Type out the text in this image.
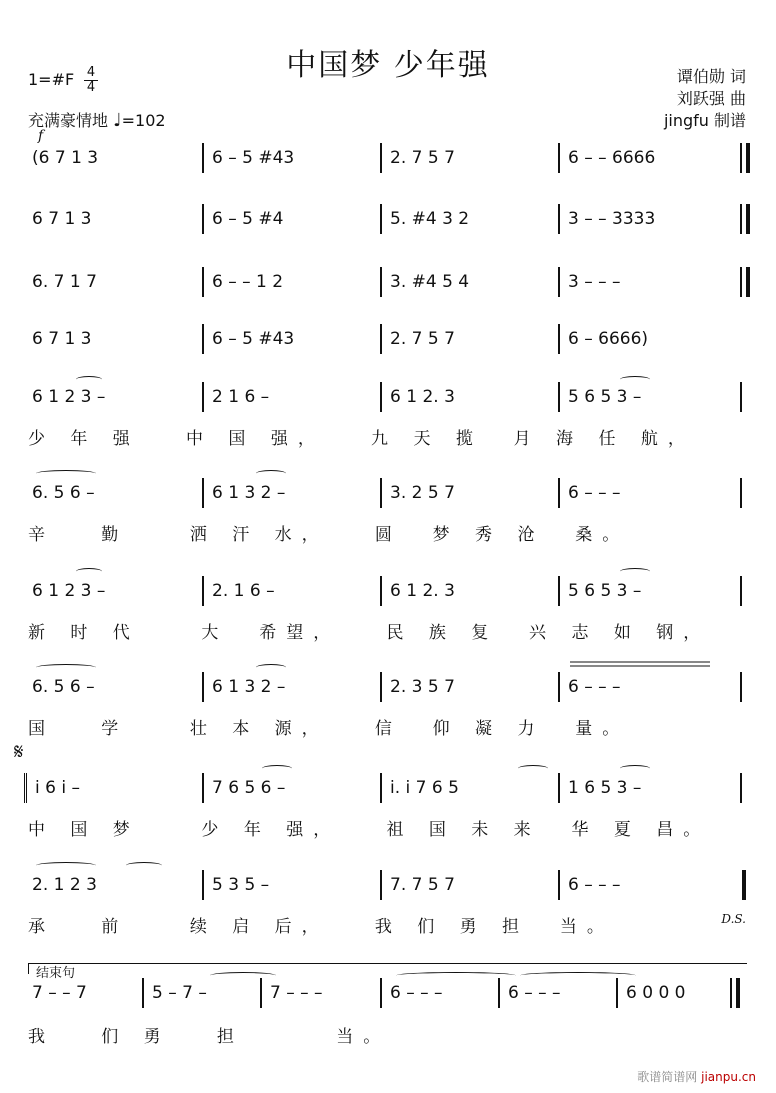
中国梦 少年强	谭伯勋 词
刘跃强 曲
jingfu 制谱
1=#F 4
4
充满豪情地 ♩=102
f
(6 7 1 3	6 – 5 #43	2. 7 5 7	6 – – 6666
6 7 1 3	6 – 5 #4	5. #4 3 2	3 – – 3333
6. 7 1 7	6 – – 1 2	3. #4 5 4	3 – – –
6 7 1 3	6 – 5 #43	2. 7 5 7	6 – 6666)
6 1 2 3 –	2 1 6 –	6 1 2. 3	5 6 5 3 –
少 年 强   中 国 强，   九 天 揽  月 海 任 航，
6. 5 6 –	6 1 3 2 –	3. 2 5 7	6 – – –
辛   勤    洒 汗 水，   圆  梦 秀 沧  桑。
6 1 2 3 –	2. 1 6 –	6 1 2. 3	5 6 5 3 –
新 时 代    大  希望，   民 族 复  兴 志 如 钢，
6. 5 6 –	6 1 3 2 –	2. 3 5 7	6 – – –
国   学    壮 本 源，   信  仰 凝 力  量。
𝄋
i 6 i –	7 6 5 6 –	i. i 7 6 5	1 6 5 3 –
中 国 梦    少 年 强，   祖 国 未 来  华 夏 昌。
2. 1 2 3	5 3 5 –	7. 7 5 7	6 – – –
承   前    续 启 后，   我 们 勇 担  当。	D.S.
结束句
7 – – 7	5 – 7 –	7 – – –	6 – – –	6 – – –	6 0 0 0
我   们 勇   担      当。
歌谱简谱网 jianpu.cn
